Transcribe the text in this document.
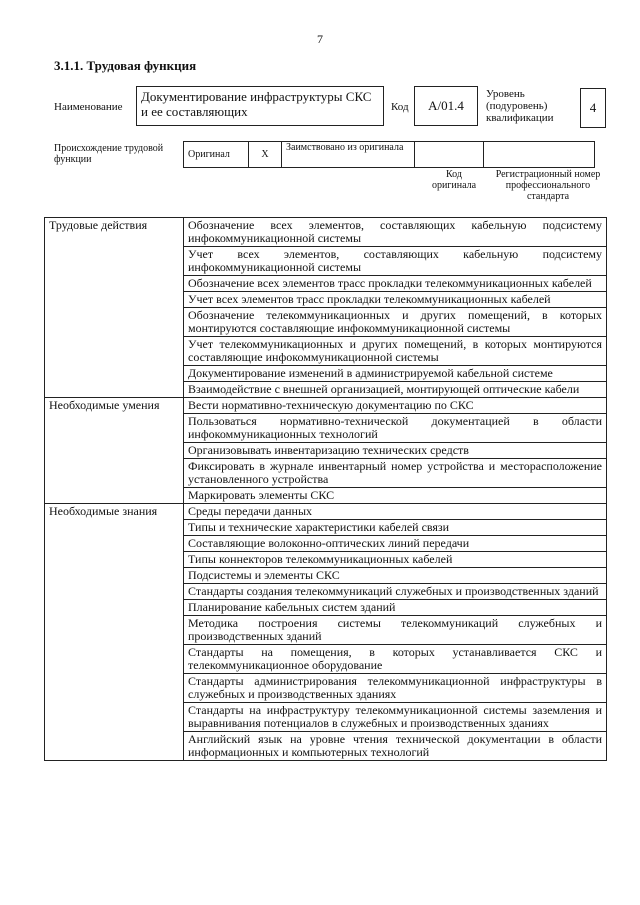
7
3.1.1. Трудовая функция
Наименование
Документирование инфраструктуры СКС и ее составляющих	Код	А/01.4
Уровень (подуровень) квалификации
4
Происхождение трудовой функции	Оригинал	X	Заимствовано из оригинала		
Код оригинала
Регистрационный номер профессионального стандарта
Трудовые действия	Обозначение всех элементов, составляющих кабельную подсистему инфокоммуникационной системы
	Учет всех элементов, составляющих кабельную подсистему инфокоммуникационной системы
	Обозначение всех элементов трасс прокладки телекоммуникационных кабелей
	Учет всех элементов трасс прокладки телекоммуникационных кабелей
	Обозначение телекоммуникационных и других помещений, в которых монтируются составляющие инфокоммуникационной системы
	Учет телекоммуникационных и других помещений, в которых монтируются составляющие инфокоммуникационной системы
	Документирование изменений в администрируемой кабельной системе
	Взаимодействие с внешней организацией, монтирующей оптические кабели
Необходимые умения	Вести нормативно-техническую документацию по СКС
	Пользоваться нормативно-технической документацией в области инфокоммуникационных технологий
	Организовывать инвентаризацию технических средств
	Фиксировать в журнале инвентарный номер устройства и месторасположение установленного устройства
	Маркировать элементы СКС
Необходимые знания	Среды передачи данных
	Типы и технические характеристики кабелей связи
	Составляющие волоконно-оптических линий передачи
	Типы коннекторов телекоммуникационных кабелей
	Подсистемы и элементы СКС
	Стандарты создания телекоммуникаций служебных и производственных зданий
	Планирование кабельных систем зданий
	Методика построения системы телекоммуникаций служебных и производственных зданий
	Стандарты на помещения, в которых устанавливается СКС и телекоммуникационное оборудование
	Стандарты администрирования телекоммуникационной инфраструктуры в служебных и производственных зданиях
	Стандарты на инфраструктуру телекоммуникационной системы заземления и выравнивания потенциалов в служебных и производственных зданиях
	Английский язык на уровне чтения технической документации в области информационных и компьютерных технологий
